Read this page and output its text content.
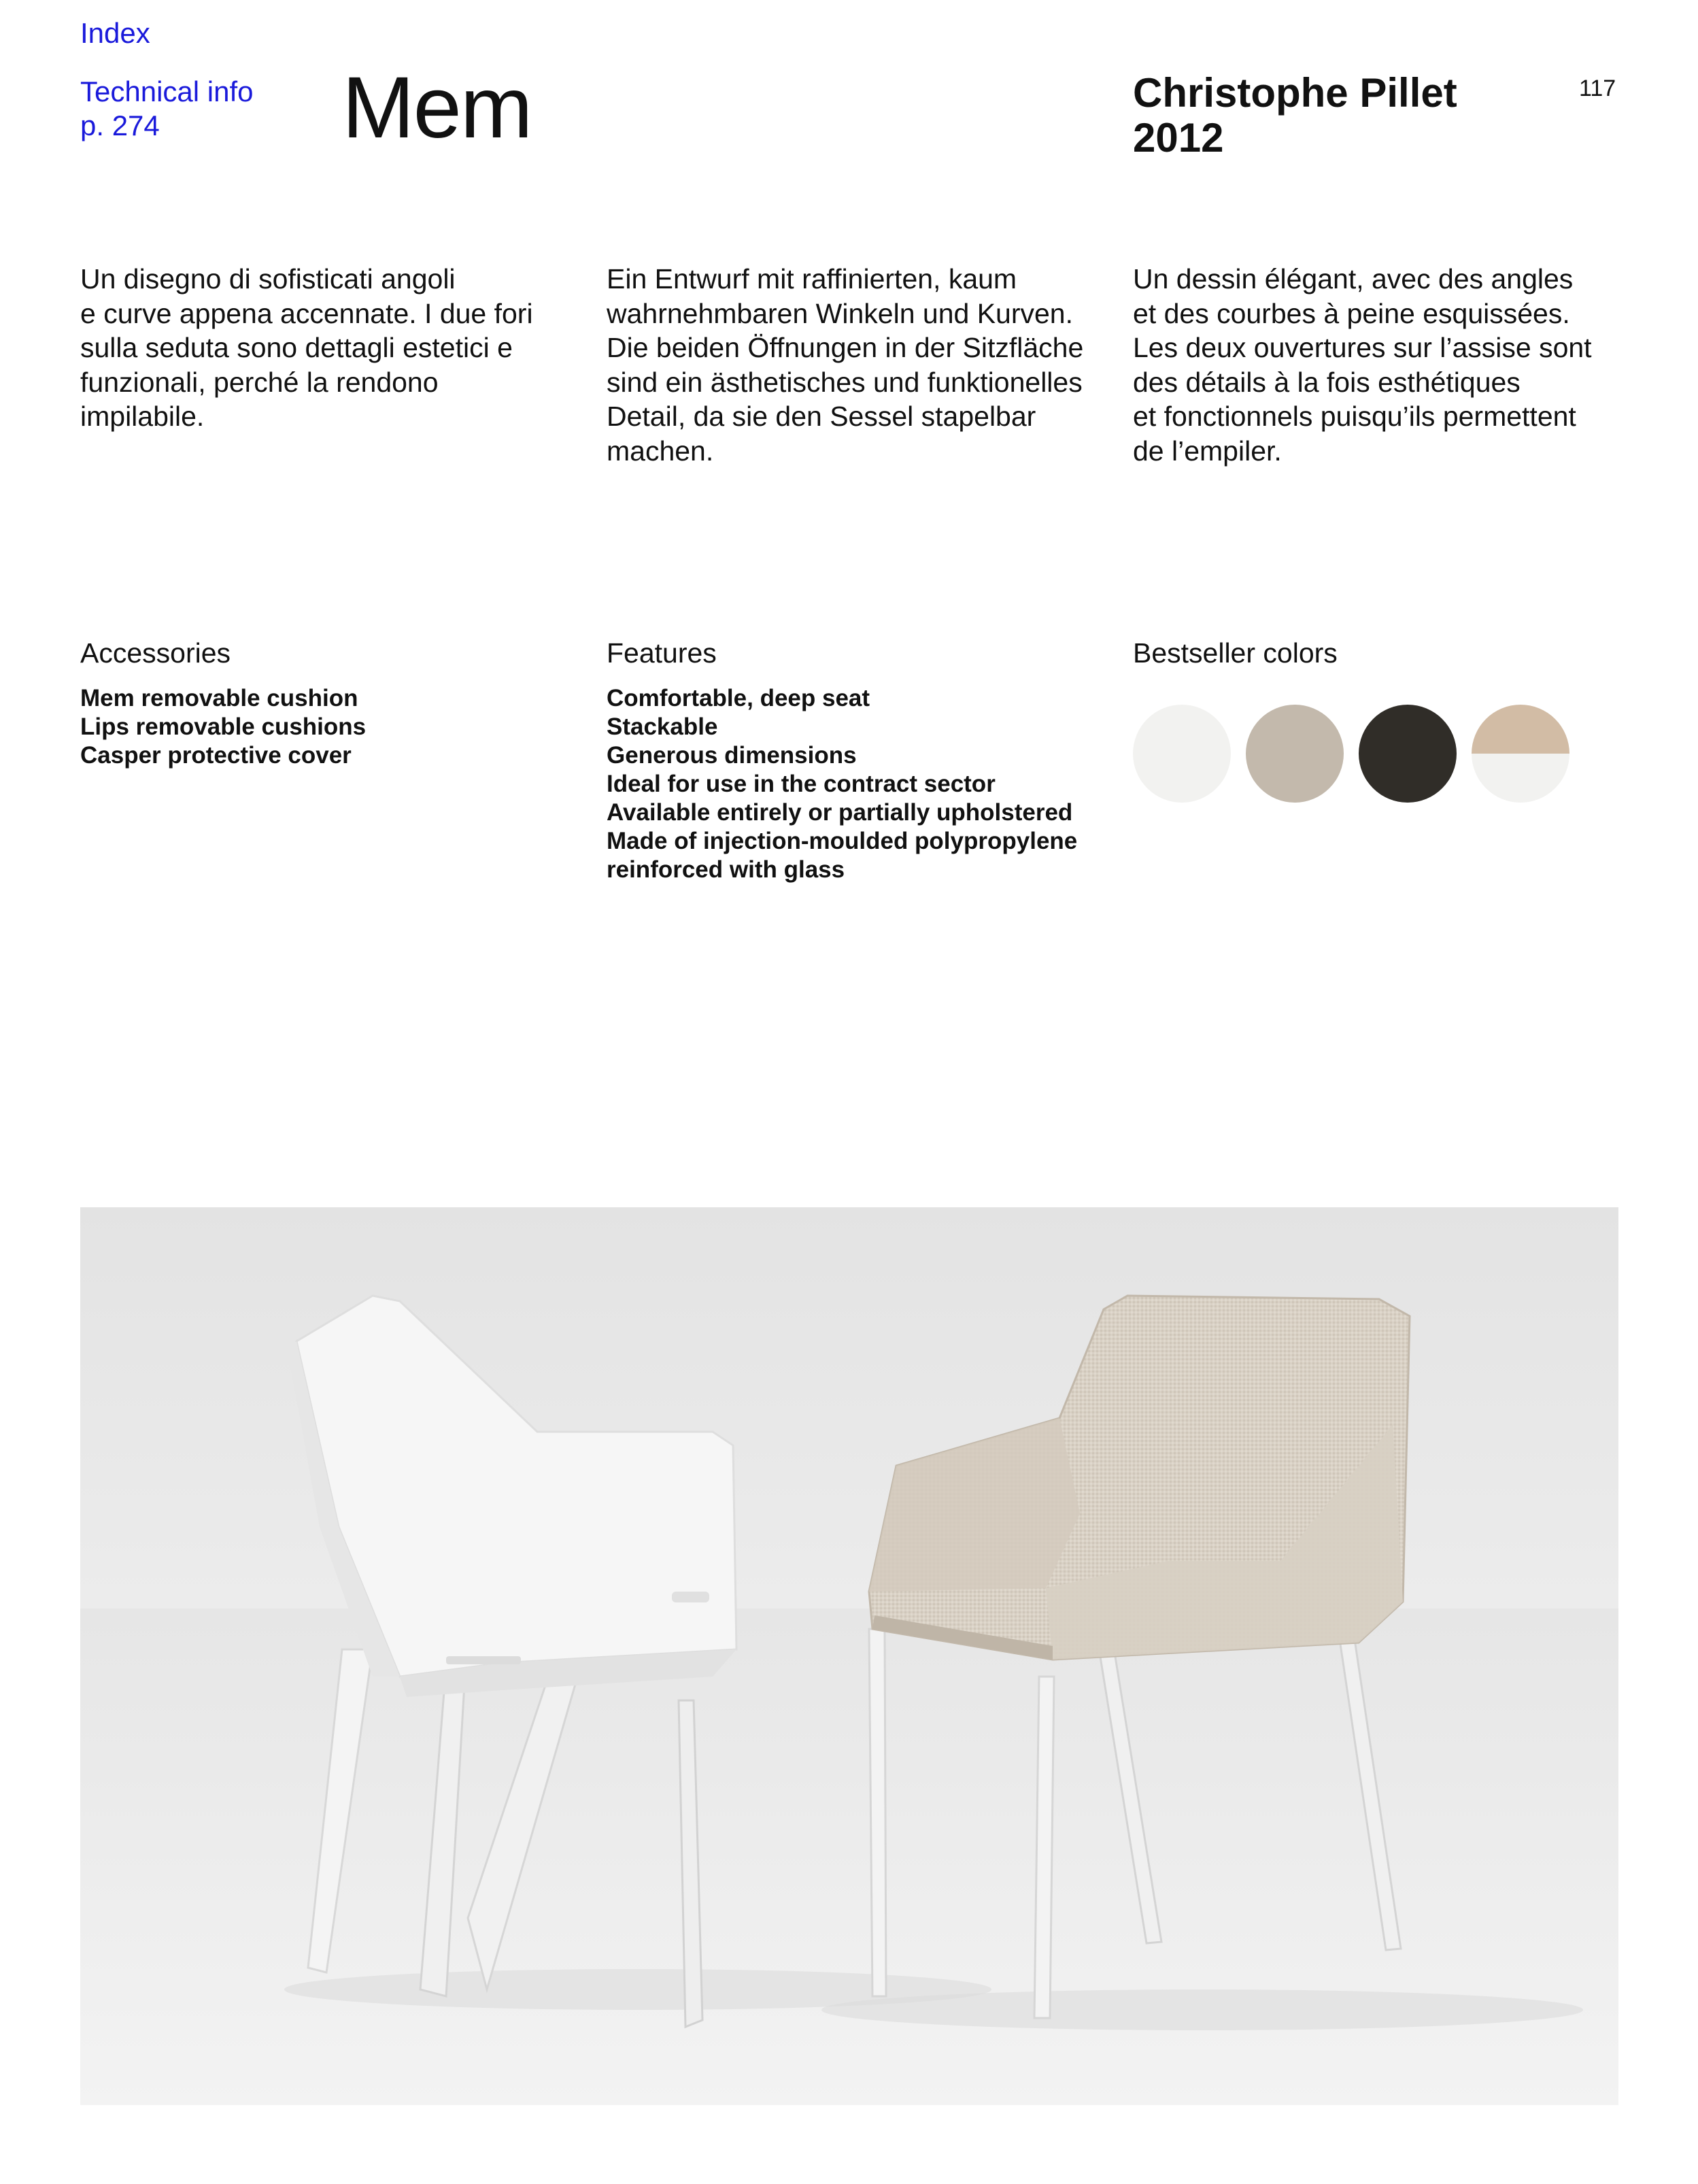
Index
Technical info
p. 274	Mem	Christophe Pillet
2012
117

Un disegno di sofisticati angoli
e curve appena accennate. I due fori
sulla seduta sono dettagli estetici e
funzionali, perché la rendono impilabile.

Ein Entwurf mit raffinierten, kaum
wahrnehmbaren Winkeln und Kurven.
Die beiden Öffnungen in der Sitzfläche
sind ein ästhetisches und funktionelles
Detail, da sie den Sessel stapelbar
machen.

Un dessin élégant, avec des angles
et des courbes à peine esquissées.
Les deux ouvertures sur l’assise sont
des détails à la fois esthétiques
et fonctionnels puisqu’ils permettent
de l’empiler.

Accessories
Mem removable cushion
Lips removable cushions
Casper protective cover
Features
Comfortable, deep seat
Stackable
Generous dimensions
Ideal for use in the contract sector
Available entirely or partially upholstered
Made of injection-moulded polypropylene
reinforced with glass
Bestseller colors
